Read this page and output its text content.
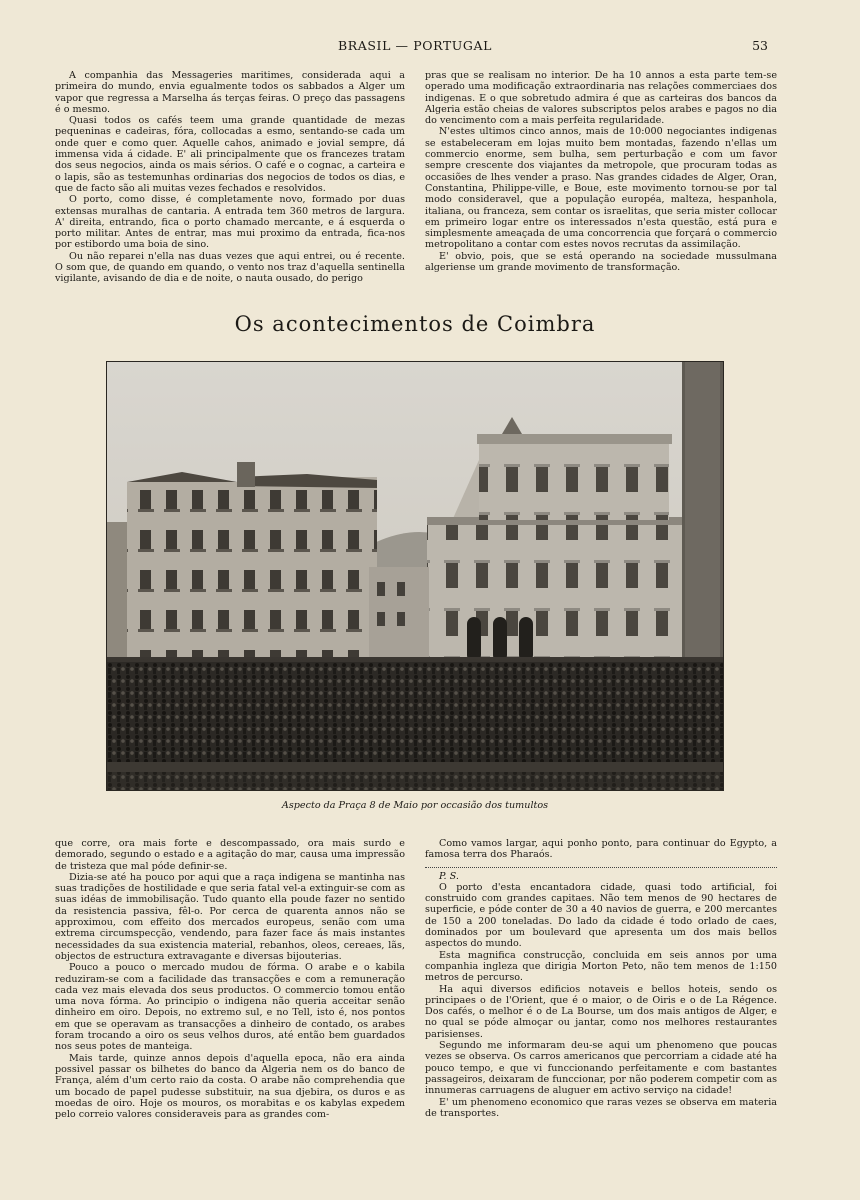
BRASIL — PORTUGAL	53

A companhia das Messageries maritimes, considerada aqui a primeira do mundo, envia egualmente todos os sabbados a Alger um vapor que regressa a Marselha ás terças feiras. O preço das passagens é o mesmo.

Quasi todos os cafés teem uma grande quantidade de mezas pequeninas e cadeiras, fóra, collocadas a esmo, sentando-se cada um onde quer e como quer. Aquelle cahos, animado e jovial sempre, dá immensa vida á cidade. E' ali principalmente que os francezes tratam dos seus negocios, ainda os mais sérios. O café e o cognac, a carteira e o lapis, são as testemunhas ordinarias dos negocios de todos os dias, e que de facto são ali muitas vezes fechados e resolvidos.

O porto, como disse, é completamente novo, formado por duas extensas muralhas de cantaria. A entrada tem 360 metros de largura. A' direita, entrando, fica o porto chamado mercante, e á esquerda o porto militar. Antes de entrar, mas mui proximo da entrada, fica-nos por estibordo uma boia de sino.

Ou não reparei n'ella nas duas vezes que aqui entrei, ou é recente. O som que, de quando em quando, o vento nos traz d'aquella sentinella vigilante, avisando de dia e de noite, o nauta ousado, do perigo

pras que se realisam no interior. De ha 10 annos a esta parte tem-se operado uma modificação extraordinaria nas relações commerciaes dos indigenas. E o que sobretudo admira é que as carteiras dos bancos da Algeria estão cheias de valores subscriptos pelos arabes e pagos no dia do vencimento com a mais perfeita regularidade.

N'estes ultimos cinco annos, mais de 10:000 negociantes indigenas se estabeleceram em lojas muito bem montadas, fazendo n'ellas um commercio enorme, sem bulha, sem perturbação e com um favor sempre crescente dos viajantes da metropole, que procuram todas as occasiões de lhes vender a praso. Nas grandes cidades de Alger, Oran, Constantina, Philippe-ville, e Boue, este movimento tornou-se por tal modo consideravel, que a população européa, malteza, hespanhola, italiana, ou franceza, sem contar os israelitas, que seria mister collocar em primeiro logar entre os interessados n'esta questão, está pura e simplesmente ameaçada de uma concorrencia que forçará o commercio metropolitano a contar com estes novos recrutas da assimilação.

E' obvio, pois, que se está operando na sociedade mussulmana algeriense um grande movimento de transformação.

Os acontecimentos de Coimbra
Aspecto da Praça 8 de Maio por occasião dos tumultos

que corre, ora mais forte e descompassado, ora mais surdo e demorado, segundo o estado e a agitação do mar, causa uma impressão de tristeza que mal póde definir-se.

Dizia-se até ha pouco por aqui que a raça indigena se mantinha nas suas tradições de hostilidade e que seria fatal vel-a extinguir-se com as suas idéas de immobilisação. Tudo quanto ella poude fazer no sentido da resistencia passiva, fêl-o. Por cerca de quarenta annos não se approximou, com effeito dos mercados europeus, senão com uma extrema circumspecção, vendendo, para fazer face ás mais instantes necessidades da sua existencia material, rebanhos, oleos, cereaes, lãs, objectos de estructura extravagante e diversas bijouterias.

Pouco a pouco o mercado mudou de fórma. O arabe e o kabila reduziram-se com a facilidade das transacções e com a remuneração cada vez mais elevada dos seus productos. O commercio tomou então uma nova fórma. Ao principio o indigena não queria acceitar senão dinheiro em oiro. Depois, no extremo sul, e no Tell, isto é, nos pontos em que se operavam as transacções a dinheiro de contado, os arabes foram trocando a oiro os seus velhos duros, até então bem guardados nos seus potes de manteiga.

Mais tarde, quinze annos depois d'aquella epoca, não era ainda possivel passar os bilhetes do banco da Algeria nem os do banco de França, além d'um certo raio da costa. O arabe não comprehendia que um bocado de papel pudesse substituir, na sua djebira, os duros e as moedas de oiro. Hoje os mouros, os morabitas e os kabylas expedem pelo correio valores consideraveis para as grandes com-

Como vamos largar, aqui ponho ponto, para continuar do Egypto, a famosa terra dos Pharaós.

P. S.

O porto d'esta encantadora cidade, quasi todo artificial, foi construido com grandes capitaes. Não tem menos de 90 hectares de superficie, e póde conter de 30 a 40 navios de guerra, e 200 mercantes de 150 a 200 toneladas. Do lado da cidade é todo orlado de caes, dominados por um boulevard que apresenta um dos mais bellos aspectos do mundo.

Esta magnifica construcção, concluida em seis annos por uma companhia ingleza que dirigia Morton Peto, não tem menos de 1:150 metros de percurso.

Ha aqui diversos edificios notaveis e bellos hoteis, sendo os principaes o de l'Orient, que é o maior, o de Oiris e o de La Régence. Dos cafés, o melhor é o de La Bourse, um dos mais antigos de Alger, e no qual se póde almoçar ou jantar, como nos melhores restaurantes parisienses.

Segundo me informaram deu-se aqui um phenomeno que poucas vezes se observa. Os carros americanos que percorriam a cidade até ha pouco tempo, e que vi funccionando perfeitamente e com bastantes passageiros, deixaram de funccionar, por não poderem competir com as innumeras carruagens de aluguer em activo serviço na cidade!

E' um phenomeno economico que raras vezes se observa em materia de transportes.
